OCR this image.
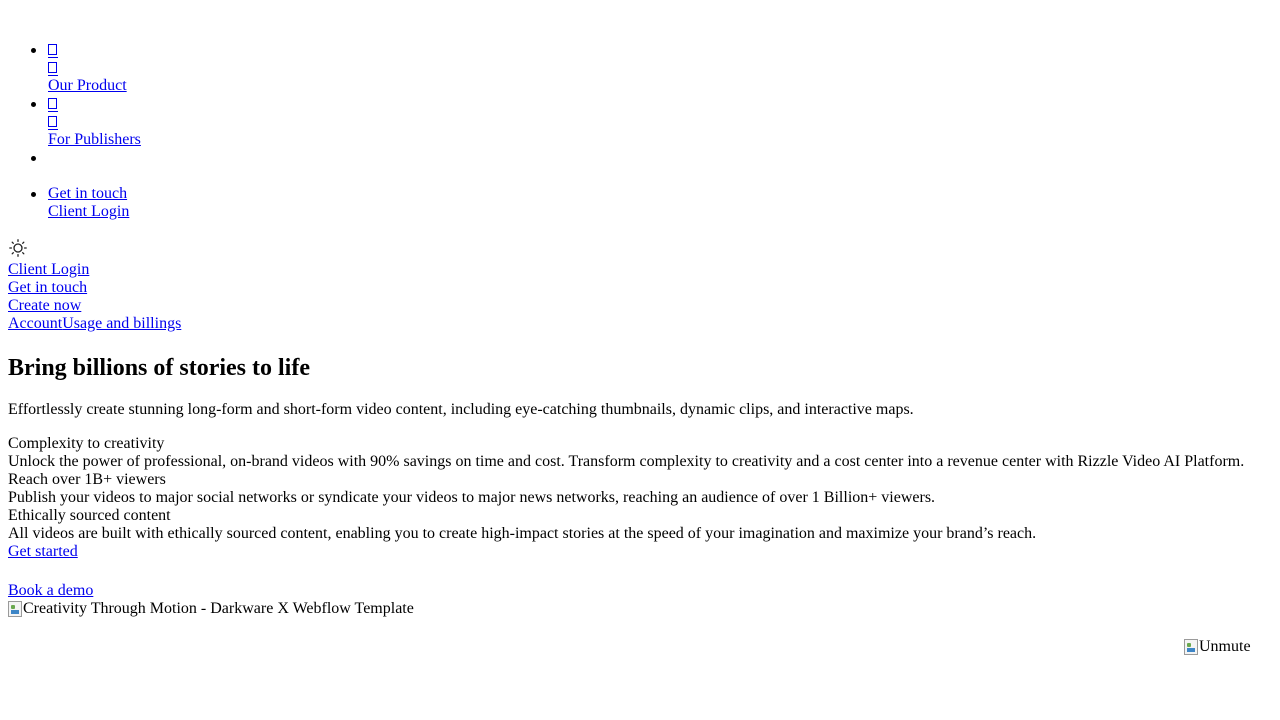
Our Product
For Publishers
Get in touch
Client Login
Client Login
Get in touch
Create now
AccountUsage and billings
Bring billions of stories to life

Effortlessly create stunning long-form and short-form video content, including eye-catching thumbnails, dynamic clips, and interactive maps.

Complexity to creativity
Unlock the power of professional, on-brand videos with 90% savings on time and cost. Transform complexity to creativity and a cost center into a revenue center with Rizzle Video AI Platform.
Reach over 1B+ viewers
Publish your videos to major social networks or syndicate your videos to major news networks, reaching an audience of over 1 Billion+ viewers.
Ethically sourced content
All videos are built with ethically sourced content, enabling you to create high-impact stories at the speed of your imagination and maximize your brand’s reach.
Get started
Book a demo
Creativity Through Motion - Darkware X Webflow Template
Unmute
